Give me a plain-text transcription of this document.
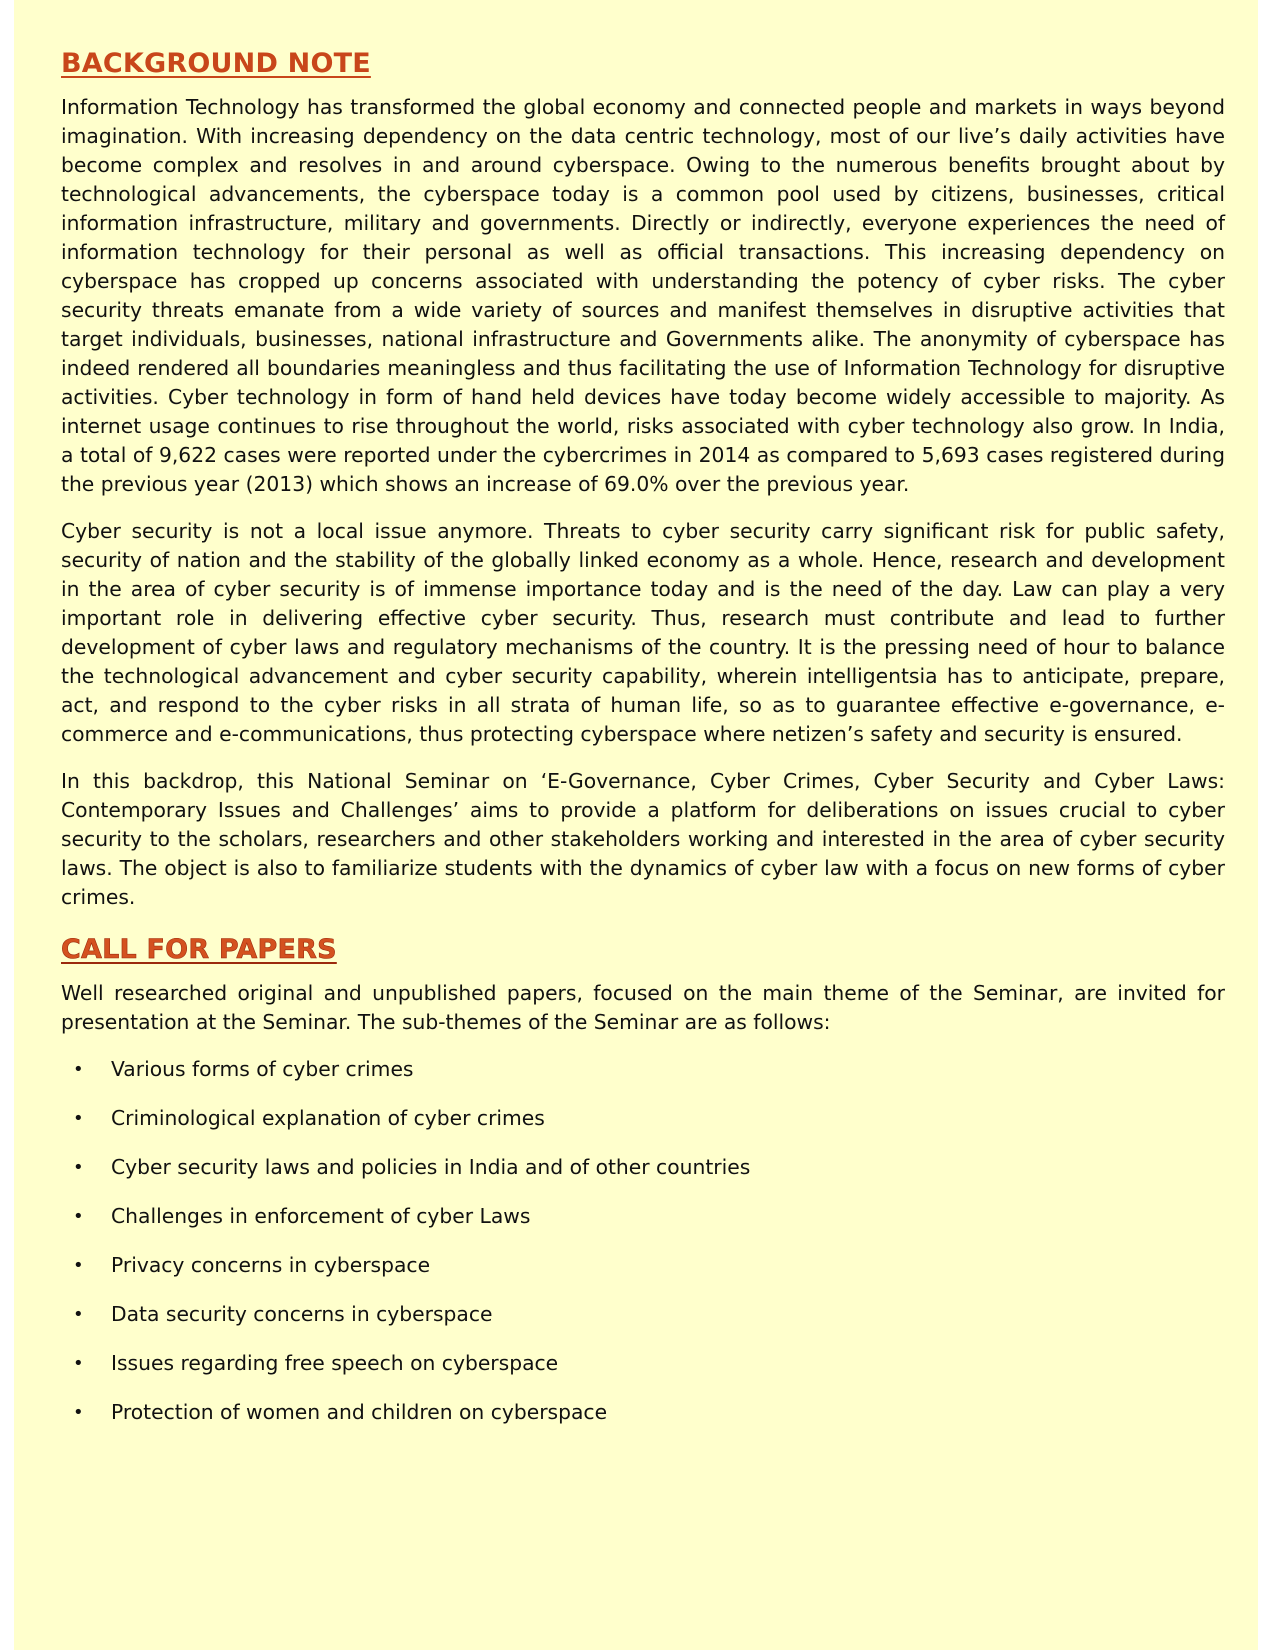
BACKGROUND NOTE

Information Technology has transformed the global economy and connected people and markets in ways beyond imagination. With increasing dependency on the data centric technology, most of our live’s daily activities have become complex and resolves in and around cyberspace. Owing to the numerous benefits brought about by technological advancements, the cyberspace today is a common pool used by citizens, businesses, critical information infrastructure, military and governments. Directly or indirectly, everyone experiences the need of information technology for their personal as well as official transactions. This increasing dependency on cyberspace has cropped up concerns associated with understanding the potency of cyber risks. The cyber security threats emanate from a wide variety of sources and manifest themselves in disruptive activities that target individuals, businesses, national infrastructure and Governments alike. The anonymity of cyberspace has indeed rendered all boundaries meaningless and thus facilitating the use of Information Technology for disruptive activities. Cyber technology in form of hand held devices have today become widely accessible to majority. As internet usage continues to rise throughout the world, risks associated with cyber technology also grow. In India, a total of 9,622 cases were reported under the cybercrimes in 2014 as compared to 5,693 cases registered during the previous year (2013) which shows an increase of 69.0% over the previous year.

Cyber security is not a local issue anymore. Threats to cyber security carry significant risk for public safety, security of nation and the stability of the globally linked economy as a whole. Hence, research and development in the area of cyber security is of immense importance today and is the need of the day. Law can play a very important role in delivering effective cyber security. Thus, research must contribute and lead to further development of cyber laws and regulatory mechanisms of the country. It is the pressing need of hour to balance the technological advancement and cyber security capability, wherein intelligentsia has to anticipate, prepare, act, and respond to the cyber risks in all strata of human life, so as to guarantee effective e-governance, e-commerce and e-communications, thus protecting cyberspace where netizen’s safety and security is ensured.

In this backdrop, this National Seminar on ‘E-Governance, Cyber Crimes, Cyber Security and Cyber Laws: Contemporary Issues and Challenges’ aims to provide a platform for deliberations on issues crucial to cyber security to the scholars, researchers and other stakeholders working and interested in the area of cyber security laws. The object is also to familiarize students with the dynamics of cyber law with a focus on new forms of cyber crimes.

CALL FOR PAPERS

Well researched original and unpublished papers, focused on the main theme of the Seminar, are invited for presentation at the Seminar. The sub-themes of the Seminar are as follows:

•	Various forms of cyber crimes
•	Criminological explanation of cyber crimes
•	Cyber security laws and policies in India and of other countries
•	Challenges in enforcement of cyber Laws
•	Privacy concerns in cyberspace
•	Data security concerns in cyberspace
•	Issues regarding free speech on cyberspace
•	Protection of women and children on cyberspace
